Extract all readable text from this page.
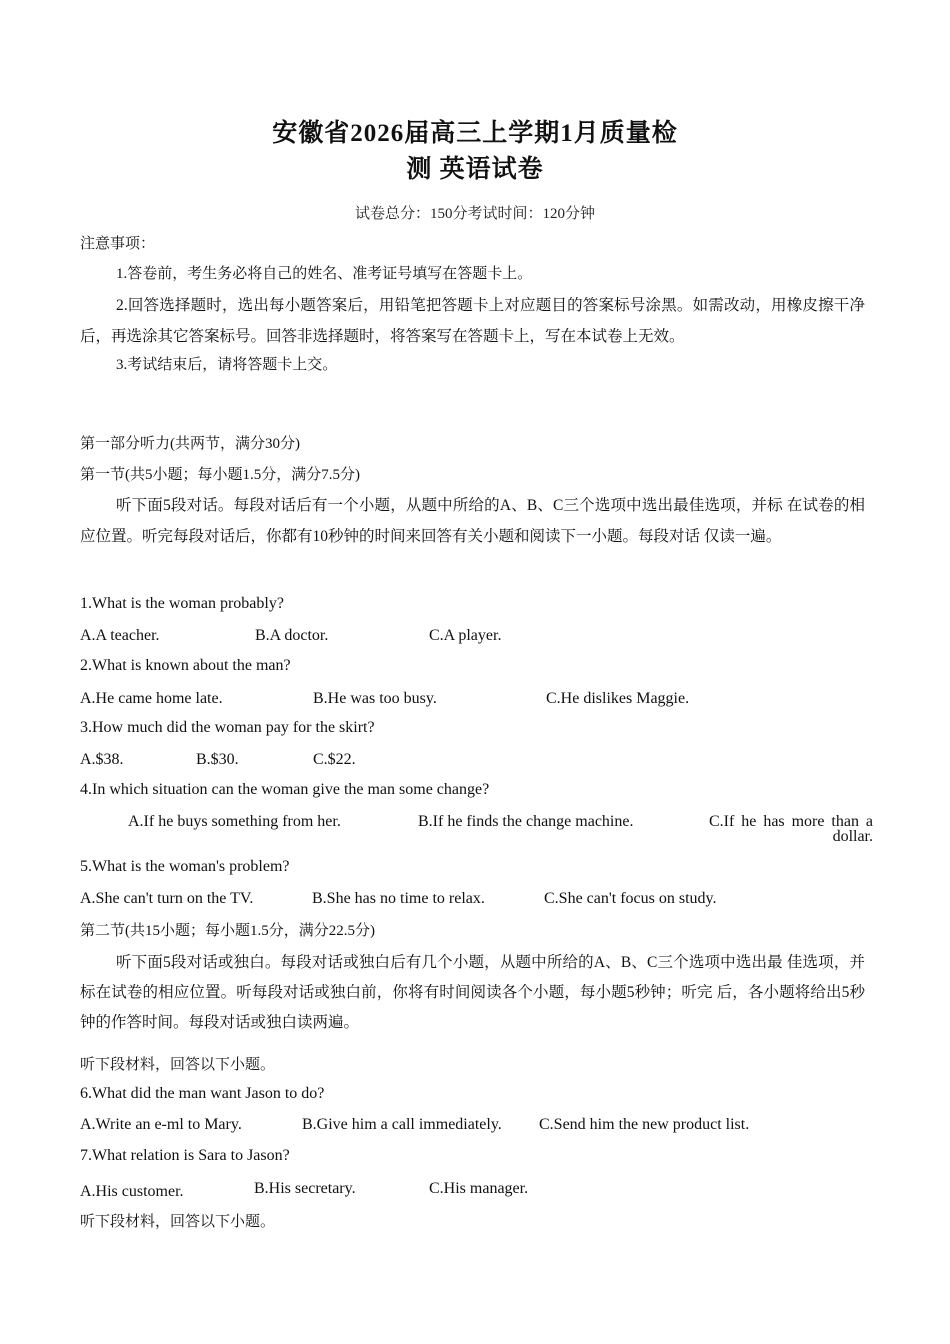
安徽省2026届高三上学期1月质量检
测 英语试卷
试卷总分：150分考试时间：120分钟
注意事项：
1.答卷前，考生务必将自己的姓名、准考证号填写在答题卡上。
2.回答选择题时，选出每小题答案后，用铅笔把答题卡上对应题目的答案标号涂黑。如需改动，用橡皮擦干净后，再选涂其它答案标号。回答非选择题时，将答案写在答题卡上，写在本试卷上无效。
3.考试结束后，请将答题卡上交。
第一部分听力(共两节，满分30分)
第一节(共5小题；每小题1.5分，满分7.5分)
听下面5段对话。每段对话后有一个小题，从题中所给的A、B、C三个选项中选出最佳选项，并标 在试卷的相应位置。听完每段对话后，你都有10秒钟的时间来回答有关小题和阅读下一小题。每段对话 仅读一遍。
1.What is the woman probably?
A.A teacher.	B.A doctor.	C.A player.
2.What is known about the man?
A.He came home late.	B.He was too busy.	C.He dislikes Maggie.
3.How much did the woman pay for the skirt?
A.$38.	B.$30.	C.$22.
4.In which situation can the woman give the man some change?
A.If he buys something from her.	B.If he finds the change machine.	C.If he has more than a dollar.
5.What is the woman's problem?
A.She can't turn on the TV.	B.She has no time to relax.	C.She can't focus on study.
第二节(共15小题；每小题1.5分，满分22.5分)
听下面5段对话或独白。每段对话或独白后有几个小题，从题中所给的A、B、C三个选项中选出最 佳选项，并标在试卷的相应位置。听每段对话或独白前，你将有时间阅读各个小题，每小题5秒钟；听完 后，各小题将给出5秒钟的作答时间。每段对话或独白读两遍。
听下段材料，回答以下小题。
6.What did the man want Jason to do?
A.Write an e-ml to Mary.	B.Give him a call immediately. C.Send him the new product list.
7.What relation is Sara to Jason?
A.His customer.	B.His secretary.	C.His manager.
听下段材料，回答以下小题。
